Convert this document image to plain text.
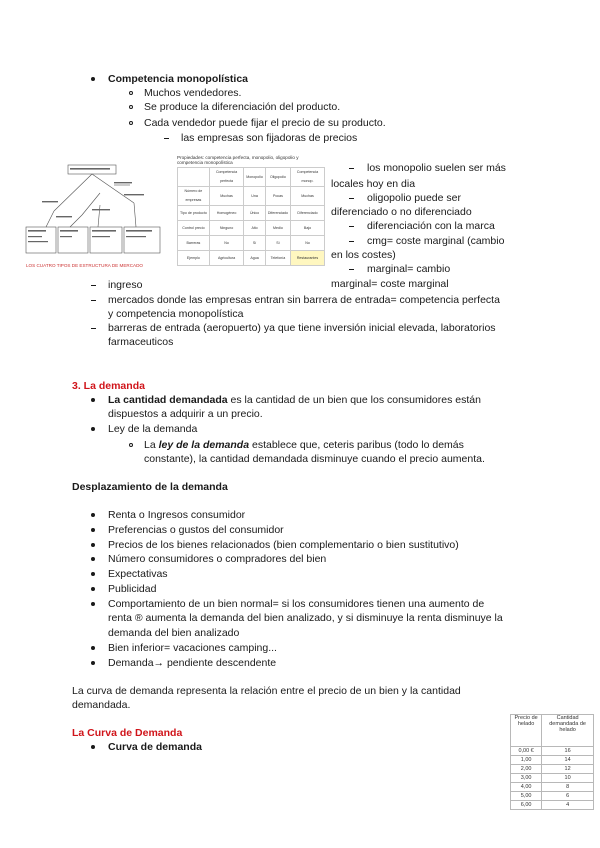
Competencia monopolística
Muchos vendedores.
Se produce la diferenciación del producto.
Cada vendedor puede fijar el precio de su producto.
las empresas son fijadoras de precios
LOS CUATRO TIPOS DE ESTRUCTURA DE MERCADO
Propiedades: competencia perfecta, monopolio, oligopolio y
competencia monopolística
	Competencia perfecta	Monopolio	Oligopolio	Competencia monop.
Número de empresas	Muchas	Una	Pocas	Muchas
Tipo de producto	Homogéneo	Único	Diferenciado	Diferenciado
Control precio	Ninguno	Alto	Medio	Bajo
Barreras	No	Sí	Sí	No
Ejemplo	Agricultura	Agua	Telefonía	Restaurantes
los monopolio suelen ser más
locales hoy en dia
oligopolio puede ser
diferenciado o no diferenciado
diferenciación con la marca
cmg= coste marginal (cambio
en los costes)
marginal= cambio
marginal= coste marginal
ingreso
mercados donde las empresas entran sin barrera de entrada= competencia perfecta
y competencia monopolística
barreras de entrada (aeropuerto) ya que tiene inversión inicial elevada, laboratorios
farmaceuticos
3. La demanda
La cantidad demandada es la cantidad de un bien que los consumidores están
dispuestos a adquirir a un precio.
Ley de la demanda
La ley de la demanda establece que, ceteris paribus (todo lo demás
constante), la cantidad demandada disminuye cuando el precio aumenta.
Desplazamiento de la demanda
Renta o Ingresos consumidor
Preferencias o gustos del consumidor
Precios de los bienes relacionados (bien complementario o bien sustitutivo)
Número consumidores o compradores del bien
Expectativas
Publicidad
Comportamiento de un bien normal= si los consumidores tienen una aumento de
renta ® aumenta la demanda del bien analizado, y si disminuye la renta disminuye la
demanda del bien analizado
Bien inferior= vacaciones camping...
Demanda→ pendiente descendente
La curva de demanda representa la relación entre el precio de un bien y la cantidad
demandada.
La Curva de Demanda
Curva de demanda
Precio de helado	Cantidad demandada de helado
0,00 €	16
1,00	14
2,00	12
3,00	10
4,00	8
5,00	6
6,00	4
